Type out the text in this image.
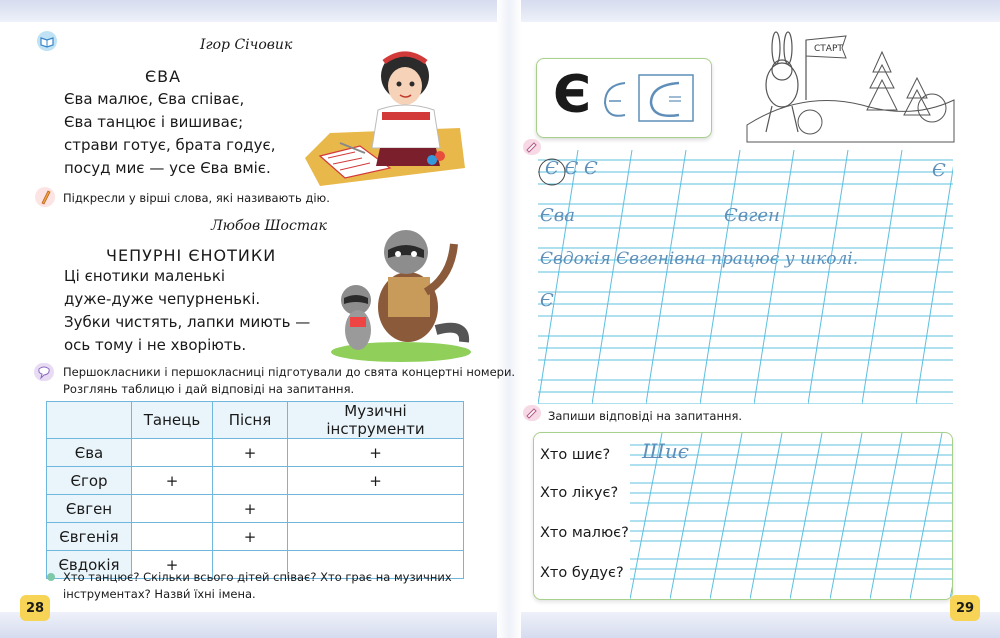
Ігор Січовик
ЄВА
Єва малює, Єва співає,
Єва танцює і вишиває;
страви готує, брата годує,
посуд миє — усе Єва вміє.
Підкресли у вірші слова, які називають дію.
Любов Шостак
ЧЕПУРНІ ЄНОТИКИ
Ці єнотики маленькі
дуже-дуже чепурненькі.
Зубки чистять, лапки миють —
ось тому і не хворіють.
Першокласники і першокласниці підготували до свята концертні номери.
Розглянь таблицю і дай відповіді на запитання.
	Танець	Пісня	Музичні інструменти
Єва		+	+
Єгор	+		+
Євген		+	
Євгенія		+	
Євдокія	+		
Хто танцює? Скільки всього дітей співає? Хто грає на музичних
інструментах? Назви́ їхні імена.
28
Є
СТАРТ
Є Є Є	Є
Єва	Євген
Євдокія Євгенівна працює у школі.
Є
Запиши відповіді на запитання.
Хто шиє?
Хто лікує?
Хто малює?
Хто будує?
Шиє
29
